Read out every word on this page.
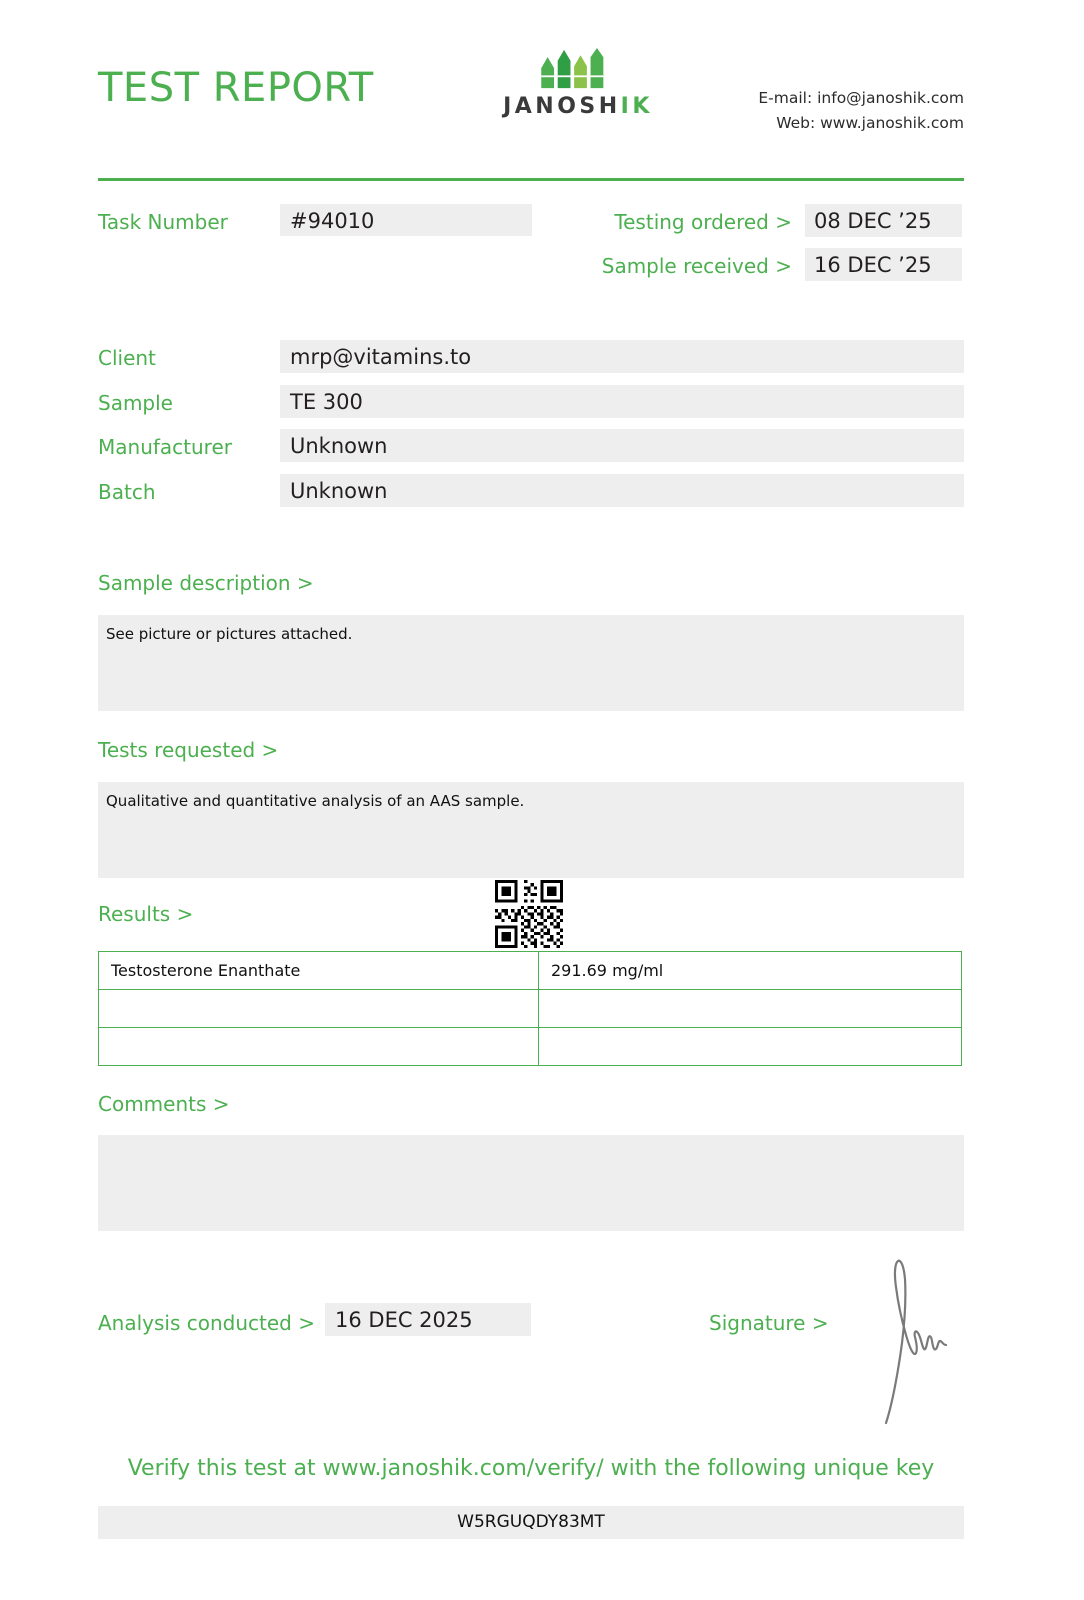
TEST REPORT	JANOSHIK	E-mail: info@janoshik.com
Web: www.janoshik.com
Task Number	#94010	Testing ordered >	08 DEC ’25
Sample received >	16 DEC ’25
Client	mrp@vitamins.to
Sample	TE 300
Manufacturer	Unknown
Batch	Unknown
Sample description >
See picture or pictures attached.
Tests requested >
Qualitative and quantitative analysis of an AAS sample.
Results >
Testosterone Enanthate	291.69 mg/ml

Comments >
Analysis conducted > 16 DEC 2025	Signature >
Verify this test at www.janoshik.com/verify/ with the following unique key
W5RGUQDY83MT
